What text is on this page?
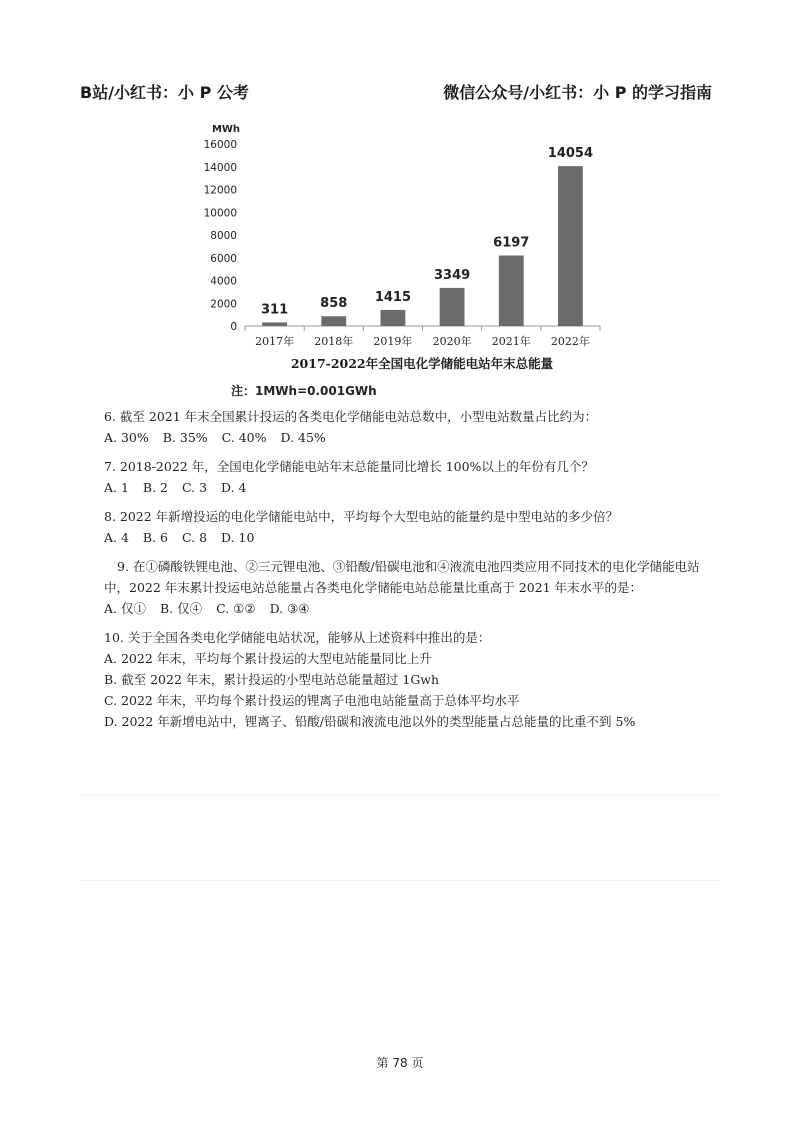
B站/小红书：小 P 公考	微信公众号/小红书：小 P 的学习指南
MWh
0
2000
4000
6000
8000
10000
12000
14000
16000
311
2017年
858
2018年
1415
2019年
3349
2020年
6197
2021年
14054
2022年
2017-2022年全国电化学储能电站年末总能量
注：1MWh=0.001GWh
6. 截至 2021 年末全国累计投运的各类电化学储能电站总数中，小型电站数量占比约为：
A. 30% B. 35% C. 40% D. 45%
7. 2018-2022 年，全国电化学储能电站年末总能量同比增长 100%以上的年份有几个？
A. 1 B. 2 C. 3 D. 4
8. 2022 年新增投运的电化学储能电站中，平均每个大型电站的能量约是中型电站的多少倍？
A. 4 B. 6 C. 8 D. 10
9. 在①磷酸铁锂电池、②三元锂电池、③铅酸/铅碳电池和④液流电池四类应用不同技术的电化学储能电站中，2022 年末累计投运电站总能量占各类电化学储能电站总能量比重高于 2021 年末水平的是：
A. 仅① B. 仅④ C. ①② D. ③④
10. 关于全国各类电化学储能电站状况，能够从上述资料中推出的是：
A. 2022 年末，平均每个累计投运的大型电站能量同比上升
B. 截至 2022 年末，累计投运的小型电站总能量超过 1Gwh
C. 2022 年末，平均每个累计投运的锂离子电池电站能量高于总体平均水平
D. 2022 年新增电站中，锂离子、铅酸/铅碳和液流电池以外的类型能量占总能量的比重不到 5%
第 78 页
